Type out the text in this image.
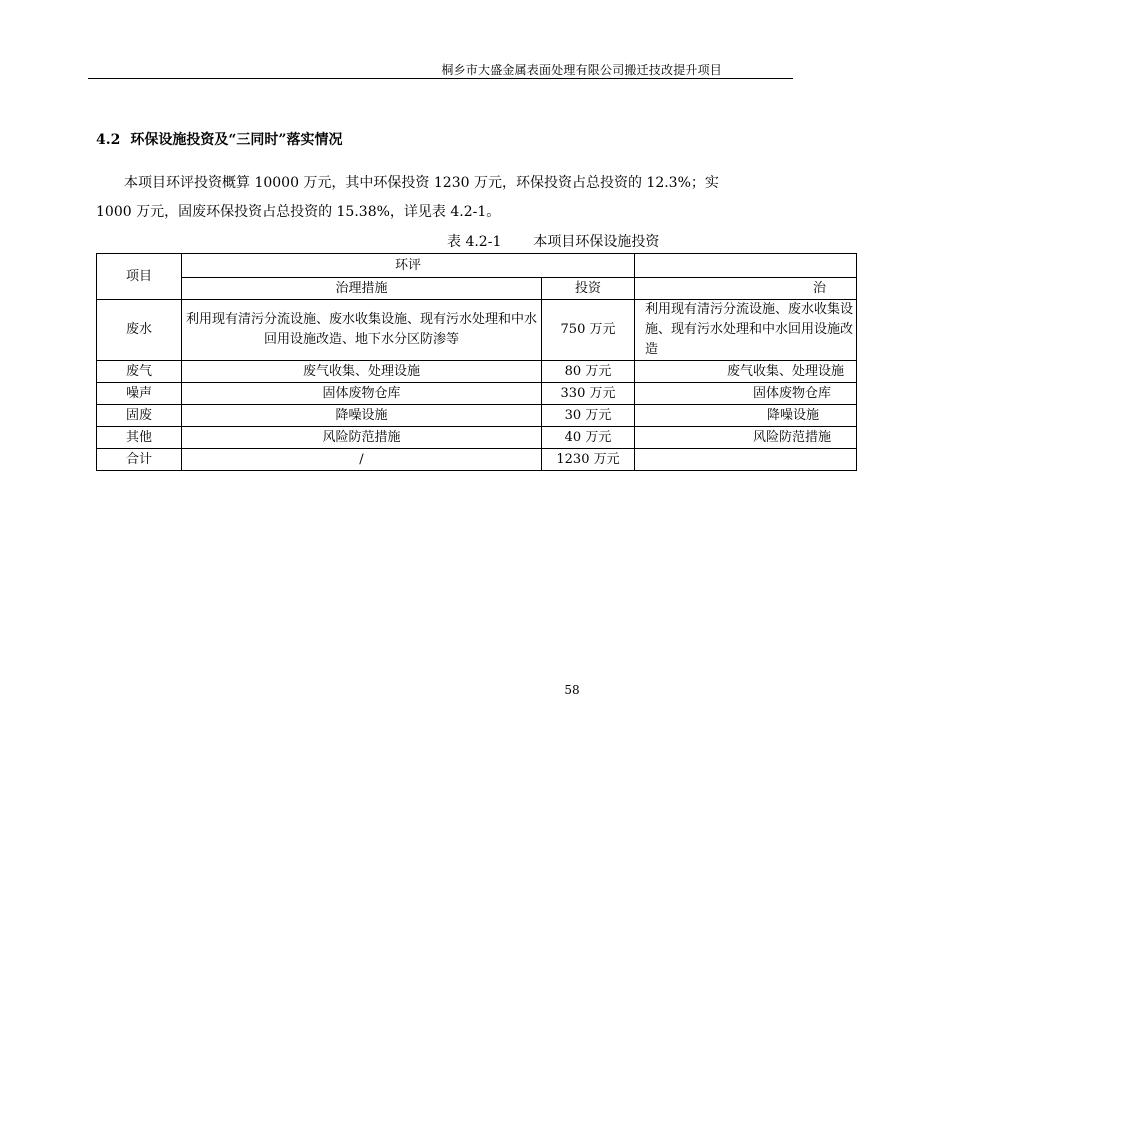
桐乡市大盛金属表面处理有限公司搬迁技改提升项目
4.2 环保设施投资及“三同时”落实情况
本项目环评投资概算 10000 万元，其中环保投资 1230 万元，环保投资占总投资的 12.3%；实
1000 万元，固废环保投资占总投资的 15.38%，详见表 4.2-1。
表 4.2-1 本项目环保设施投资
项目	环评		
	治理措施	投资	治
废水	利用现有清污分流设施、废水收集设施、现有污水处理和中水回用设施改造、地下水分区防渗等	750 万元	利用现有清污分流设施、废水收集设施、现有污水处理和中水回用设施改造
废气	废气收集、处理设施	80 万元	废气收集、处理设施
噪声	固体废物仓库	330 万元	固体废物仓库
固废	降噪设施	30 万元	降噪设施
其他	风险防范措施	40 万元	风险防范措施
合计	/	1230 万元	
58
